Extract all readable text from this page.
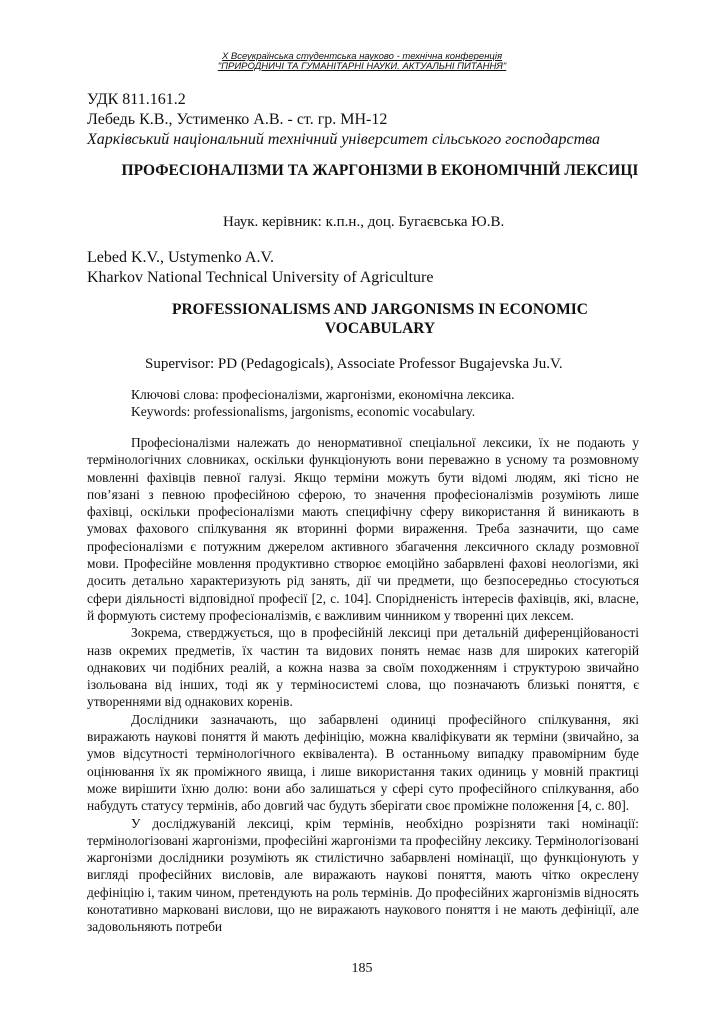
X Всеукраїнська студентська науково - технічна конференція
"ПРИРОДНИЧІ ТА ГУМАНІТАРНІ НАУКИ. АКТУАЛЬНІ ПИТАННЯ"
УДК 811.161.2
Лебедь К.В., Устименко А.В. - ст. гр. МН-12
Харківський національний технічний університет сільського господарства
ПРОФЕСІОНАЛІЗМИ ТА ЖАРГОНІЗМИ В ЕКОНОМІЧНІЙ ЛЕКСИЦІ
Наук. керівник: к.п.н., доц. Бугаєвська Ю.В.
Lebed K.V., Ustymenko A.V.
Kharkov National Technical University of Agriculture
PROFESSIONALISMS AND JARGONISMS IN ECONOMIC VOCABULARY
Supervisor: PD (Pedagogicals), Associate Professor Bugajevska Ju.V.
Ключові слова: професіоналізми, жаргонізми, економічна лексика.
Keywords: professionalisms, jargonisms, economic vocabulary.

Професіоналізми належать до ненормативної спеціальної лексики, їх не подають у термінологічних словниках, оскільки функціонують вони переважно в усному та розмовному мовленні фахівців певної галузі. Якщо терміни можуть бути відомі людям, які тісно не пов’язані з певною професійною сферою, то значення професіоналізмів розуміють лише фахівці, оскільки професіоналізми мають специфічну сферу використання й виникають в умовах фахового спілкування як вторинні форми вираження. Треба зазначити, що саме професіоналізми є потужним джерелом активного збагачення лексичного складу розмовної мови. Професійне мовлення продуктивно створює емоційно забарвлені фахові неологізми, які досить детально характеризують рід занять, дії чи предмети, що безпосередньо стосуються сфери діяльності відповідної професії [2, с. 104]. Спорідненість інтересів фахівців, які, власне, й формують систему професіоналізмів, є важливим чинником у творенні цих лексем.

Зокрема, стверджується, що в професійній лексиці при детальній диференційованості назв окремих предметів, їх частин та видових понять немає назв для широких категорій однакових чи подібних реалій, а кожна назва за своїм походженням і структурою звичайно ізольована від інших, тоді як у терміносистемі слова, що позначають близькі поняття, є утвореннями від однакових коренів.

Дослідники зазначають, що забарвлені одиниці професійного спілкування, які виражають наукові поняття й мають дефініцію, можна кваліфікувати як терміни (звичайно, за умов відсутності термінологічного еквівалента). В останньому випадку правомірним буде оцінювання їх як проміжного явища, і лише використання таких одиниць у мовній практиці може вирішити їхню долю: вони або залишаться у сфері суто професійного спілкування, або набудуть статусу термінів, або довгий час будуть зберігати своє проміжне положення [4, с. 80].

У досліджуваній лексиці, крім термінів, необхідно розрізняти такі номінації: термінологізовані жаргонізми, професійні жаргонізми та професійну лексику. Термінологізовані жаргонізми дослідники розуміють як стилістично забарвлені номінації, що функціонують у вигляді професійних висловів, але виражають наукові поняття, мають чітко окреслену дефініцію і, таким чином, претендують на роль термінів. До професійних жаргонізмів відносять конотативно марковані вислови, що не виражають наукового поняття і не мають дефініції, але задовольняють потреби

185
